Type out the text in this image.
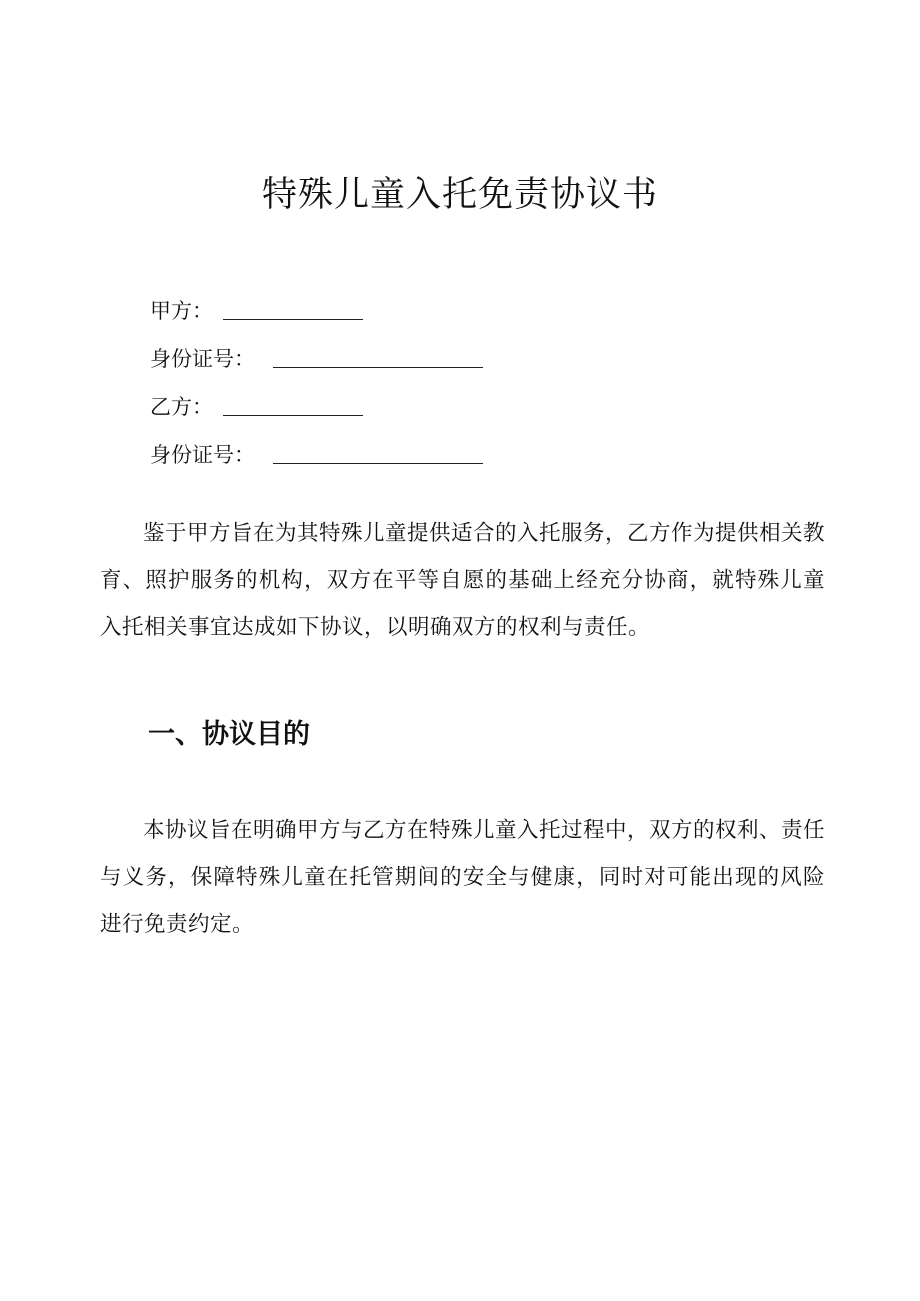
特殊儿童入托免责协议书
甲方：
身份证号：
乙方：
身份证号：

鉴于甲方旨在为其特殊儿童提供适合的入托服务，乙方作为提供相关教育、照护服务的机构，双方在平等自愿的基础上经充分协商，就特殊儿童入托相关事宜达成如下协议，以明确双方的权利与责任。

一、协议目的

本协议旨在明确甲方与乙方在特殊儿童入托过程中，双方的权利、责任与义务，保障特殊儿童在托管期间的安全与健康，同时对可能出现的风险进行免责约定。
